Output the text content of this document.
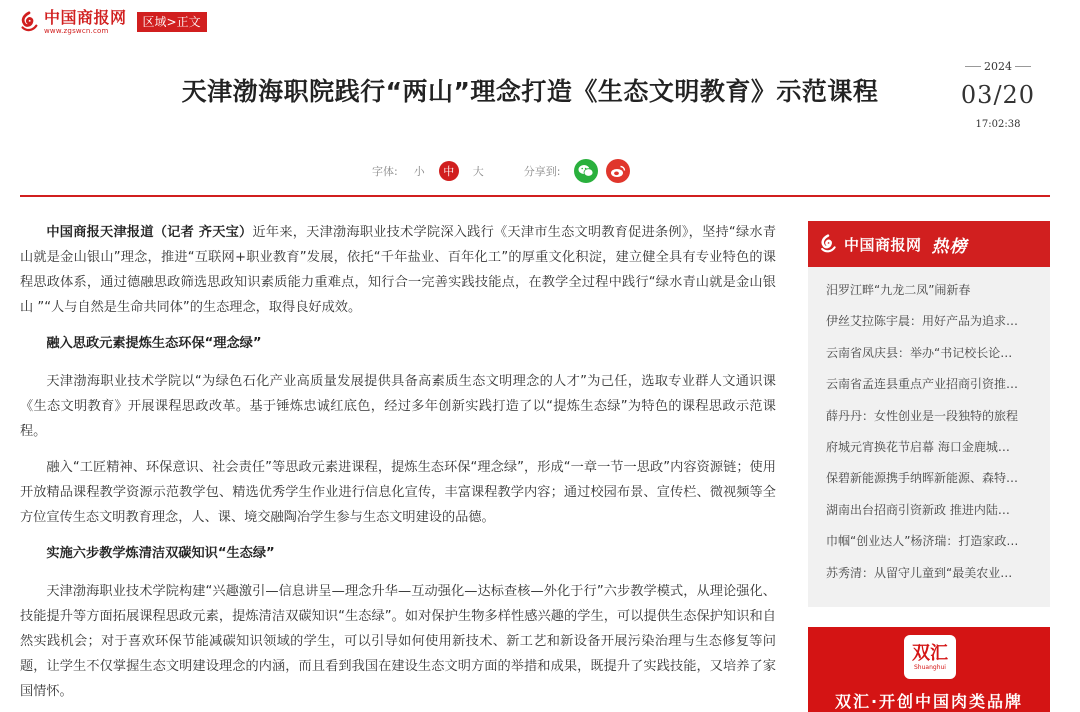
中国商报网
www.zgswcn.com
区域>正文
天津渤海职院践行“两山”理念打造《生态文明教育》示范课程
2024
03/20
17:02:38
字体: 小	中	大	分享到:

中国商报天津报道（记者 齐天宝）近年来，天津渤海职业技术学院深入践行《天津市生态文明教育促进条例》，坚持“绿水青山就是金山银山”理念，推进“互联网+职业教育”发展，依托“千年盐业、百年化工”的厚重文化积淀，建立健全具有专业特色的课程思政体系，通过德融思政筛选思政知识素质能力重难点，知行合一完善实践技能点，在教学全过程中践行“绿水青山就是金山银山 ”“人与自然是生命共同体”的生态理念，取得良好成效。

融入思政元素提炼生态环保“理念绿”

天津渤海职业技术学院以“为绿色石化产业高质量发展提供具备高素质生态文明理念的人才”为己任，选取专业群人文通识课《生态文明教育》开展课程思政改革。基于锤炼忠诚红底色，经过多年创新实践打造了以“提炼生态绿”为特色的课程思政示范课程。

融入“工匠精神、环保意识、社会责任”等思政元素进课程，提炼生态环保“理念绿”，形成“一章一节一思政”内容资源链；使用开放精品课程教学资源示范教学包、精选优秀学生作业进行信息化宣传，丰富课程教学内容；通过校园布景、宣传栏、微视频等全方位宣传生态文明教育理念，人、课、境交融陶冶学生参与生态文明建设的品德。

实施六步教学炼清洁双碳知识“生态绿”

天津渤海职业技术学院构建“兴趣激引—信息讲呈—理念升华—互动强化—达标查核—外化于行”六步教学模式，从理论强化、技能提升等方面拓展课程思政元素，提炼清洁双碳知识“生态绿”。如对保护生物多样性感兴趣的学生，可以提供生态保护知识和自然实践机会；对于喜欢环保节能减碳知识领域的学生，可以引导如何使用新技术、新工艺和新设备开展污染治理与生态修复等问题，让学生不仅掌握生态文明建设理念的内涵，而且看到我国在建设生态文明方面的举措和成果，既提升了实践技能，又培养了家国情怀。

中国商报网 热榜
汨罗江畔“九龙二凤”闹新春
伊丝艾拉陈宇晨：用好产品为追求…
云南省凤庆县：举办“书记校长论…
云南省孟连县重点产业招商引资推…
薛丹丹：女性创业是一段独特的旅程
府城元宵换花节启幕 海口金鹿城…
保碧新能源携手纳晖新能源、森特…
湖南出台招商引资新政 推进内陆…
巾帼“创业达人”杨济瑞：打造家政…
苏秀清：从留守儿童到“最美农业…
双汇
Shuanghui
双汇·开创中国肉类品牌
